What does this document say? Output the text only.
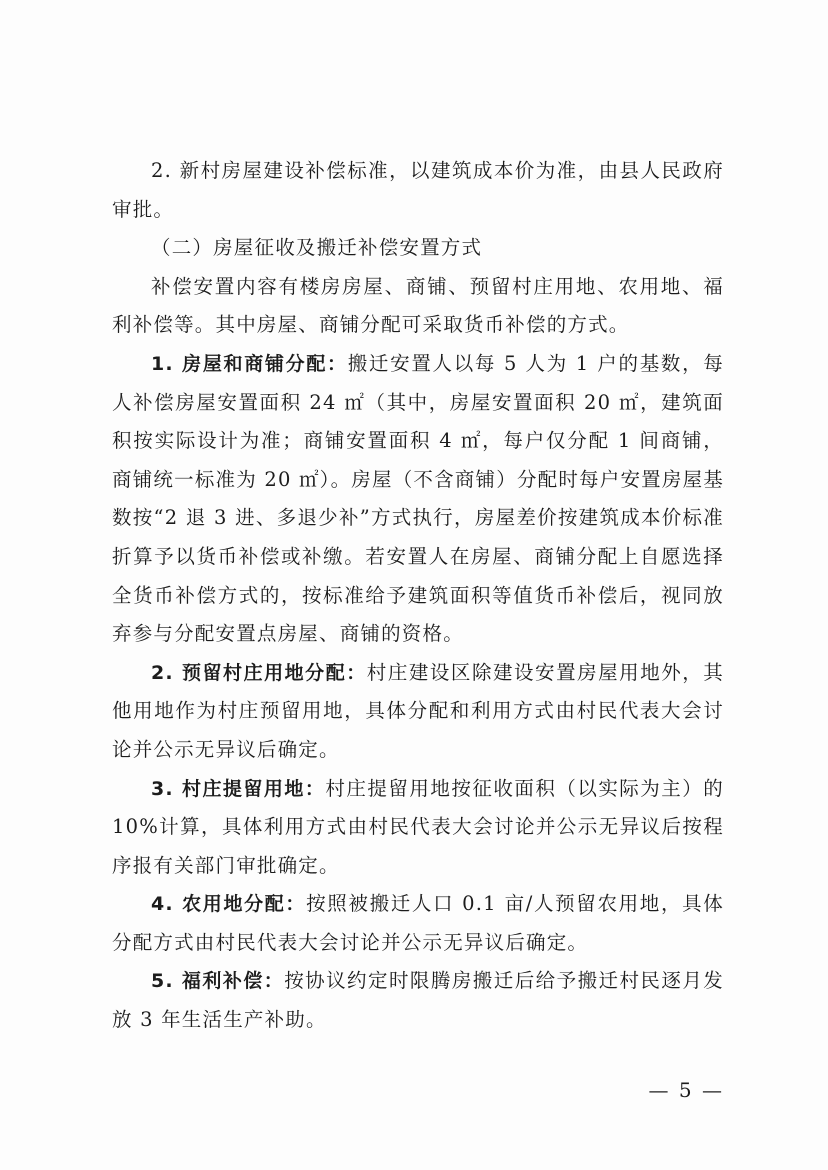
2. 新村房屋建设补偿标准，以建筑成本价为准，由县人民政府审批。

（二）房屋征收及搬迁补偿安置方式

补偿安置内容有楼房房屋、商铺、预留村庄用地、农用地、福利补偿等。其中房屋、商铺分配可采取货币补偿的方式。

1. 房屋和商铺分配：搬迁安置人以每 5 人为 1 户的基数，每人补偿房屋安置面积 24 ㎡（其中，房屋安置面积 20 ㎡，建筑面积按实际设计为准；商铺安置面积 4 ㎡，每户仅分配 1 间商铺，商铺统一标准为 20 ㎡）。房屋（不含商铺）分配时每户安置房屋基数按“2 退 3 进、多退少补”方式执行，房屋差价按建筑成本价标准折算予以货币补偿或补缴。若安置人在房屋、商铺分配上自愿选择全货币补偿方式的，按标准给予建筑面积等值货币补偿后，视同放弃参与分配安置点房屋、商铺的资格。

2. 预留村庄用地分配：村庄建设区除建设安置房屋用地外，其他用地作为村庄预留用地，具体分配和利用方式由村民代表大会讨论并公示无异议后确定。

3. 村庄提留用地：村庄提留用地按征收面积（以实际为主）的 10%计算，具体利用方式由村民代表大会讨论并公示无异议后按程序报有关部门审批确定。

4. 农用地分配：按照被搬迁人口 0.1 亩/人预留农用地，具体分配方式由村民代表大会讨论并公示无异议后确定。

5. 福利补偿：按协议约定时限腾房搬迁后给予搬迁村民逐月发放 3 年生活生产补助。

— 5 —
